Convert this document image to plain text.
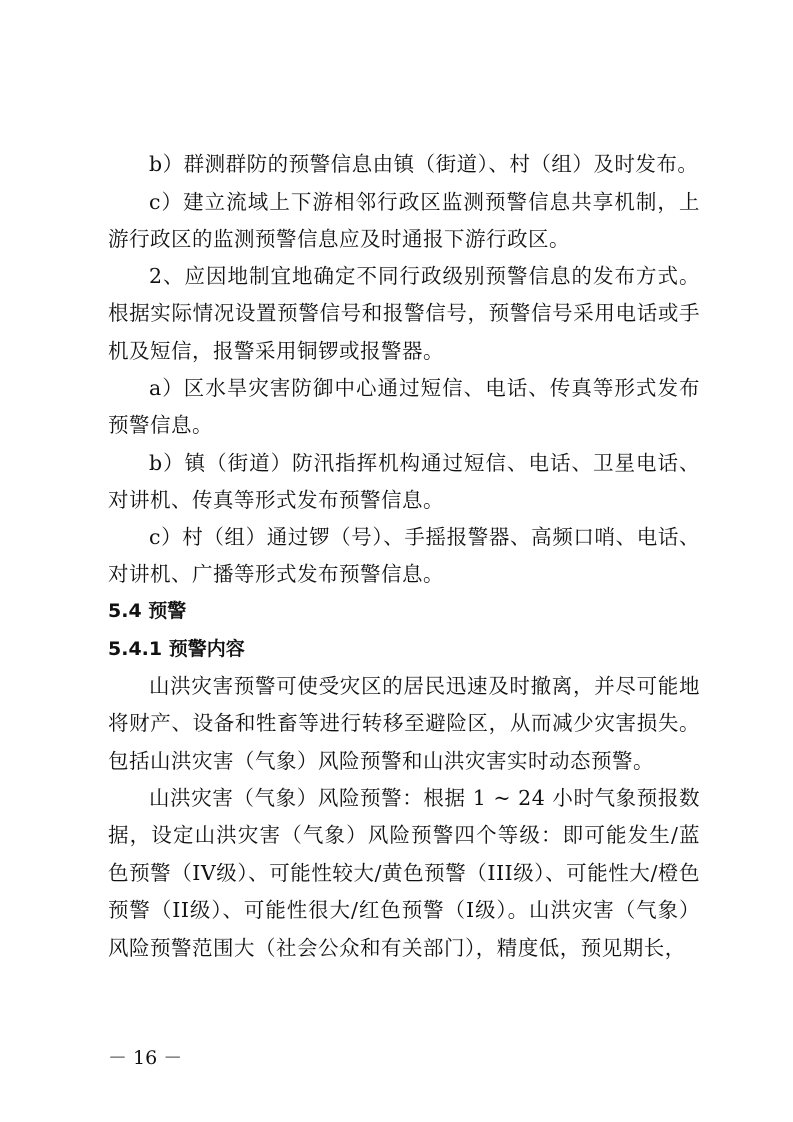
b）群测群防的预警信息由镇（街道）、村（组）及时发布。

c）建立流域上下游相邻行政区监测预警信息共享机制，上游行政区的监测预警信息应及时通报下游行政区。

2、应因地制宜地确定不同行政级别预警信息的发布方式。根据实际情况设置预警信号和报警信号，预警信号采用电话或手机及短信，报警采用铜锣或报警器。

a）区水旱灾害防御中心通过短信、电话、传真等形式发布预警信息。

b）镇（街道）防汛指挥机构通过短信、电话、卫星电话、对讲机、传真等形式发布预警信息。

c）村（组）通过锣（号）、手摇报警器、高频口哨、电话、对讲机、广播等形式发布预警信息。

5.4 预警
5.4.1 预警内容

山洪灾害预警可使受灾区的居民迅速及时撤离，并尽可能地将财产、设备和牲畜等进行转移至避险区，从而减少灾害损失。包括山洪灾害（气象）风险预警和山洪灾害实时动态预警。

山洪灾害（气象）风险预警：根据 1 ~ 24 小时气象预报数据，设定山洪灾害（气象）风险预警四个等级：即可能发生/蓝色预警（IV级）、可能性较大/黄色预警（III级）、可能性大/橙色预警（II级）、可能性很大/红色预警（I级）。山洪灾害（气象）风险预警范围大（社会公众和有关部门），精度低，预见期长，

－ 16 －
